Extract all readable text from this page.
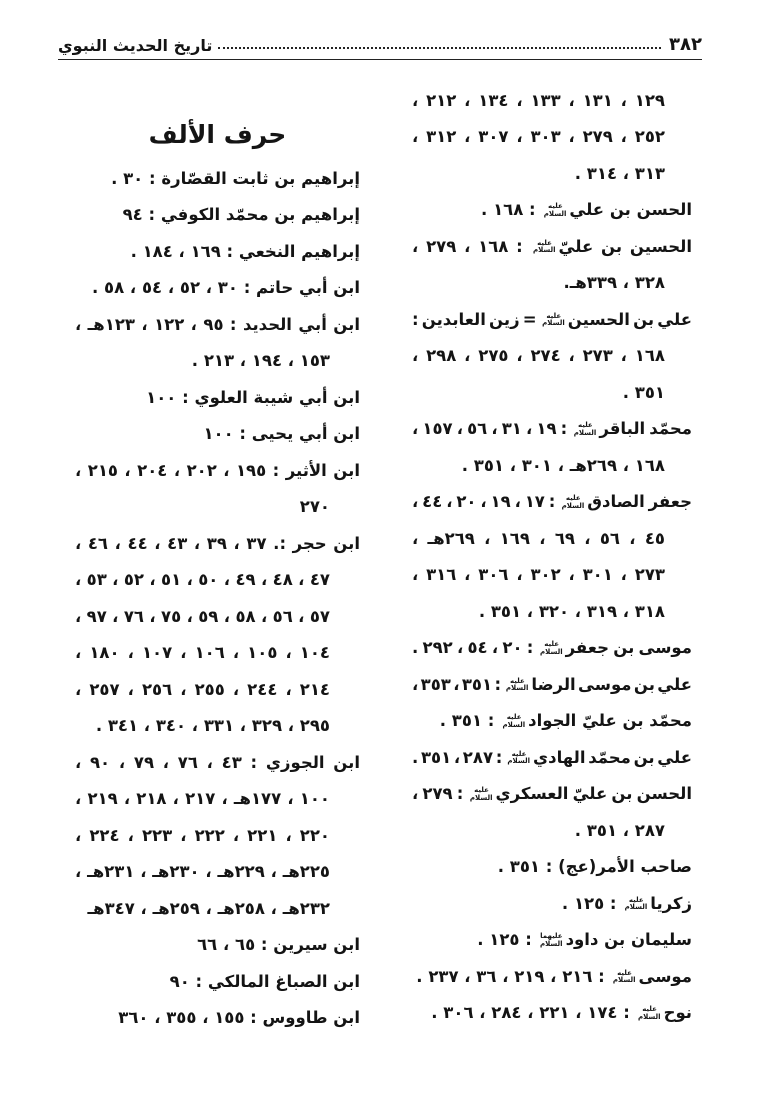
٣٨٢
تاريخ الحديث النبوي
حرف الألف
١٢٩ ، ١٣١ ، ١٣٣ ، ١٣٤ ، ٢١٢ ،
٢٥٢ ، ٢٧٩ ، ٣٠٣ ، ٣٠٧ ، ٣١٢ ،
٣١٣ ، ٣١٤ .
الحسن بن عليعليه السلام : ١٦٨ .
الحسين بن عليّعليه السلام : ١٦٨ ، ٢٧٩ ،
٣٢٨ ، ٣٣٩هـ.
علي بن الحسينعليه السلام = زين العابدين :
١٦٨ ، ٢٧٣ ، ٢٧٤ ، ٢٧٥ ، ٢٩٨ ،
٣٥١ .
محمّد الباقرعليه السلام : ١٩ ، ٣١ ، ٥٦ ، ١٥٧ ،
١٦٨ ، ٢٦٩هـ ، ٣٠١ ، ٣٥١ .
جعفر الصادقعليه السلام : ١٧ ، ١٩ ، ٢٠ ، ٤٤ ،
٤٥ ، ٥٦ ، ٦٩ ، ١٦٩ ، ٢٦٩هـ ،
٢٧٣ ، ٣٠١ ، ٣٠٢ ، ٣٠٦ ، ٣١٦ ،
٣١٨ ، ٣١٩ ، ٣٢٠ ، ٣٥١ .
موسى بن جعفرعليه السلام : ٢٠ ، ٥٤ ، ٢٩٢ .
علي بن موسى الرضاعليه السلام : ٣٥١ ، ٣٥٣ ،
محمّد بن عليّ الجوادعليه السلام : ٣٥١ .
علي بن محمّد الهاديعليه السلام : ٢٨٧ ، ٣٥١ .
الحسن بن عليّ العسكريعليه السلام : ٢٧٩ ،
٢٨٧ ، ٣٥١ .
صاحب الأمر(عج) : ٣٥١ .
زكرياعليه السلام : ١٢٥ .
سليمان بن داودعليهما السلام : ١٢٥ .
موسىعليه السلام : ٢١٦ ، ٢١٩ ، ٣٦ ، ٢٣٧ .
نوحعليه السلام : ١٧٤ ، ٢٢١ ، ٢٨٤ ، ٣٠٦ .
إبراهيم بن ثابت القصّارة : ٣٠ .
إبراهيم بن محمّد الكوفي : ٩٤
إبراهيم النخعي : ١٦٩ ، ١٨٤ .
ابن أبي حاتم : ٣٠ ، ٥٢ ، ٥٤ ، ٥٨ .
ابن أبي الحديد : ٩٥ ، ١٢٢ ، ١٢٣هـ ،
١٥٣ ، ١٩٤ ، ٢١٣ .
ابن أبي شيبة العلوي : ١٠٠
ابن أبي يحيى : ١٠٠
ابن الأثير : ١٩٥ ، ٢٠٢ ، ٢٠٤ ، ٢١٥ ،
٢٧٠
ابن حجر :. ٣٧ ، ٣٩ ، ٤٣ ، ٤٤ ، ٤٦ ،
٤٧ ، ٤٨ ، ٤٩ ، ٥٠ ، ٥١ ، ٥٢ ، ٥٣ ،
٥٧ ، ٥٦ ، ٥٨ ، ٥٩ ، ٧٥ ، ٧٦ ، ٩٧ ،
١٠٤ ، ١٠٥ ، ١٠٦ ، ١٠٧ ، ١٨٠ ،
٢١٤ ، ٢٤٤ ، ٢٥٥ ، ٢٥٦ ، ٢٥٧ ،
٢٩٥ ، ٣٢٩ ، ٣٣١ ، ٣٤٠ ، ٣٤١ .
ابن الجوزي : ٤٣ ، ٧٦ ، ٧٩ ، ٩٠ ،
١٠٠ ، ١٧٧هـ ، ٢١٧ ، ٢١٨ ، ٢١٩ ،
٢٢٠ ، ٢٢١ ، ٢٢٢ ، ٢٢٣ ، ٢٢٤ ،
٢٢٥هـ ، ٢٢٩هـ ، ٢٣٠هـ ، ٢٣١هـ ،
٢٣٢هـ ، ٢٥٨هـ ، ٢٥٩هـ ، ٣٤٧هـ
ابن سيرين : ٦٥ ، ٦٦
ابن الصباغ المالكي : ٩٠
ابن طاووس : ١٥٥ ، ٣٥٥ ، ٣٦٠
